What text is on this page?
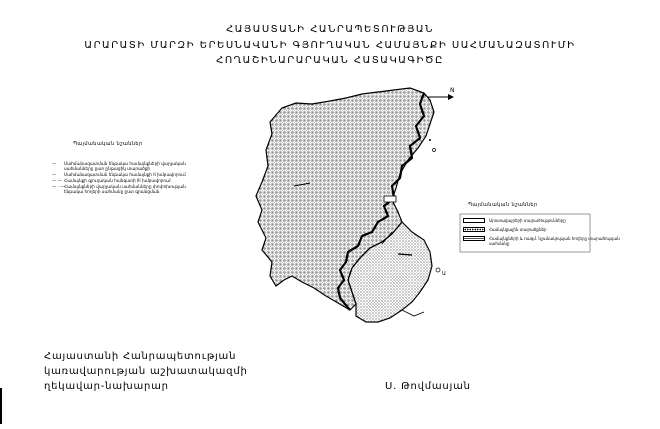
ՀԱՅԱՍՏԱՆԻ ՀԱՆՐԱՊԵՏՈՒԹՅԱՆ
ԱՐԱՐԱՏԻ ՄԱՐԶԻ ԵՐԵՍՆԱՎԱՆԻ ԳՅՈՒՂԱԿԱՆ ՀԱՄԱՅՆՔԻ ՍԱՀՄԱՆԱԶԱՏՈՒՄԻ
ՀՈՂԱՇԻՆԱՐԱՐԱԿԱՆ ՀԱՏԱԿԱԳԻԾԸ
N
Ա
Պայմանական նշաններ
— Սահմանազատման ենթակա համայնքների վարչական
սահմանները ըստ ընթացիկ տարածքի
— Սահմանազատման ենթակա համայնքի II խմբավորում
— — Համայնքի գյուղական հանգստի III խմբավորում
— · —Համայնքների վարչական սահմանները փոփոխության
ենթակա հողերի սահմանը ըստ գրանցման
Պայմանական նշաններ
Արոտավայրերի տարածությունները
Համայնքային տարածքներ
Համայնքների և ռազմ. նշանակության հողերը տարածության սահմանը
Հայաստանի Հանրապետության
կառավարության աշխատակազմի
ղեկավար-նախարար	Ս. Թովմասյան
